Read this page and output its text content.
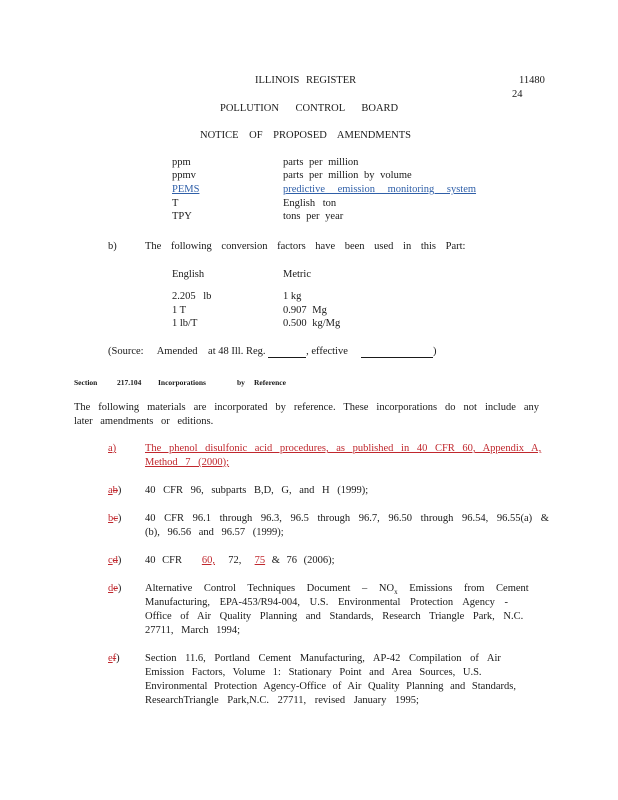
ILLINOIS REGISTER	11480
24
POLLUTION CONTROL BOARD
NOTICE OF PROPOSED AMENDMENTS
ppm	parts per million
ppmv	parts per million by volume
PEMS	predictive emission monitoring system
T	English ton
TPY	tons per year
b)	The following conversion factors have been used in this Part:
English	Metric
2.205 lb	1 kg
1 T	0.907 Mg
1 lb/T	0.500 kg/Mg
(Source: Amended at 48 Ill. Reg.	, effective	)
Section	217.104 Incorporations	by Reference
The following materials are incorporated by reference. These incorporations do not include any later amendments or editions.
a)	The phenol disulfonic acid procedures, as published in 40 CFR 60, Appendix A,
Method 7 (2000);
ab) 40 CFR 96, subparts B,D, G, and H (1999);
bc) 40 CFR 96.1 through 96.3, 96.5 through 96.7, 96.50 through 96.54, 96.55(a) &
(b), 96.56 and 96.57 (1999);
cd) 40 CFR 60, 72, 75 & 76 (2006);
de) Alternative Control Techniques Document – $NO_x$ Emissions from Cement
Manufacturing, EPA-453/R94-004, U.S. Environmental Protection Agency -
Office of Air Quality Planning and Standards, Research Triangle Park, N.C.
27711, March 1994;
ef) Section 11.6, Portland Cement Manufacturing, AP-42 Compilation of Air
Emission Factors, Volume 1: Stationary Point and Area Sources, U.S.
Environmental Protection Agency-Office of Air Quality Planning and Standards,
ResearchTriangle Park,N.C. 27711, revised January 1995;
